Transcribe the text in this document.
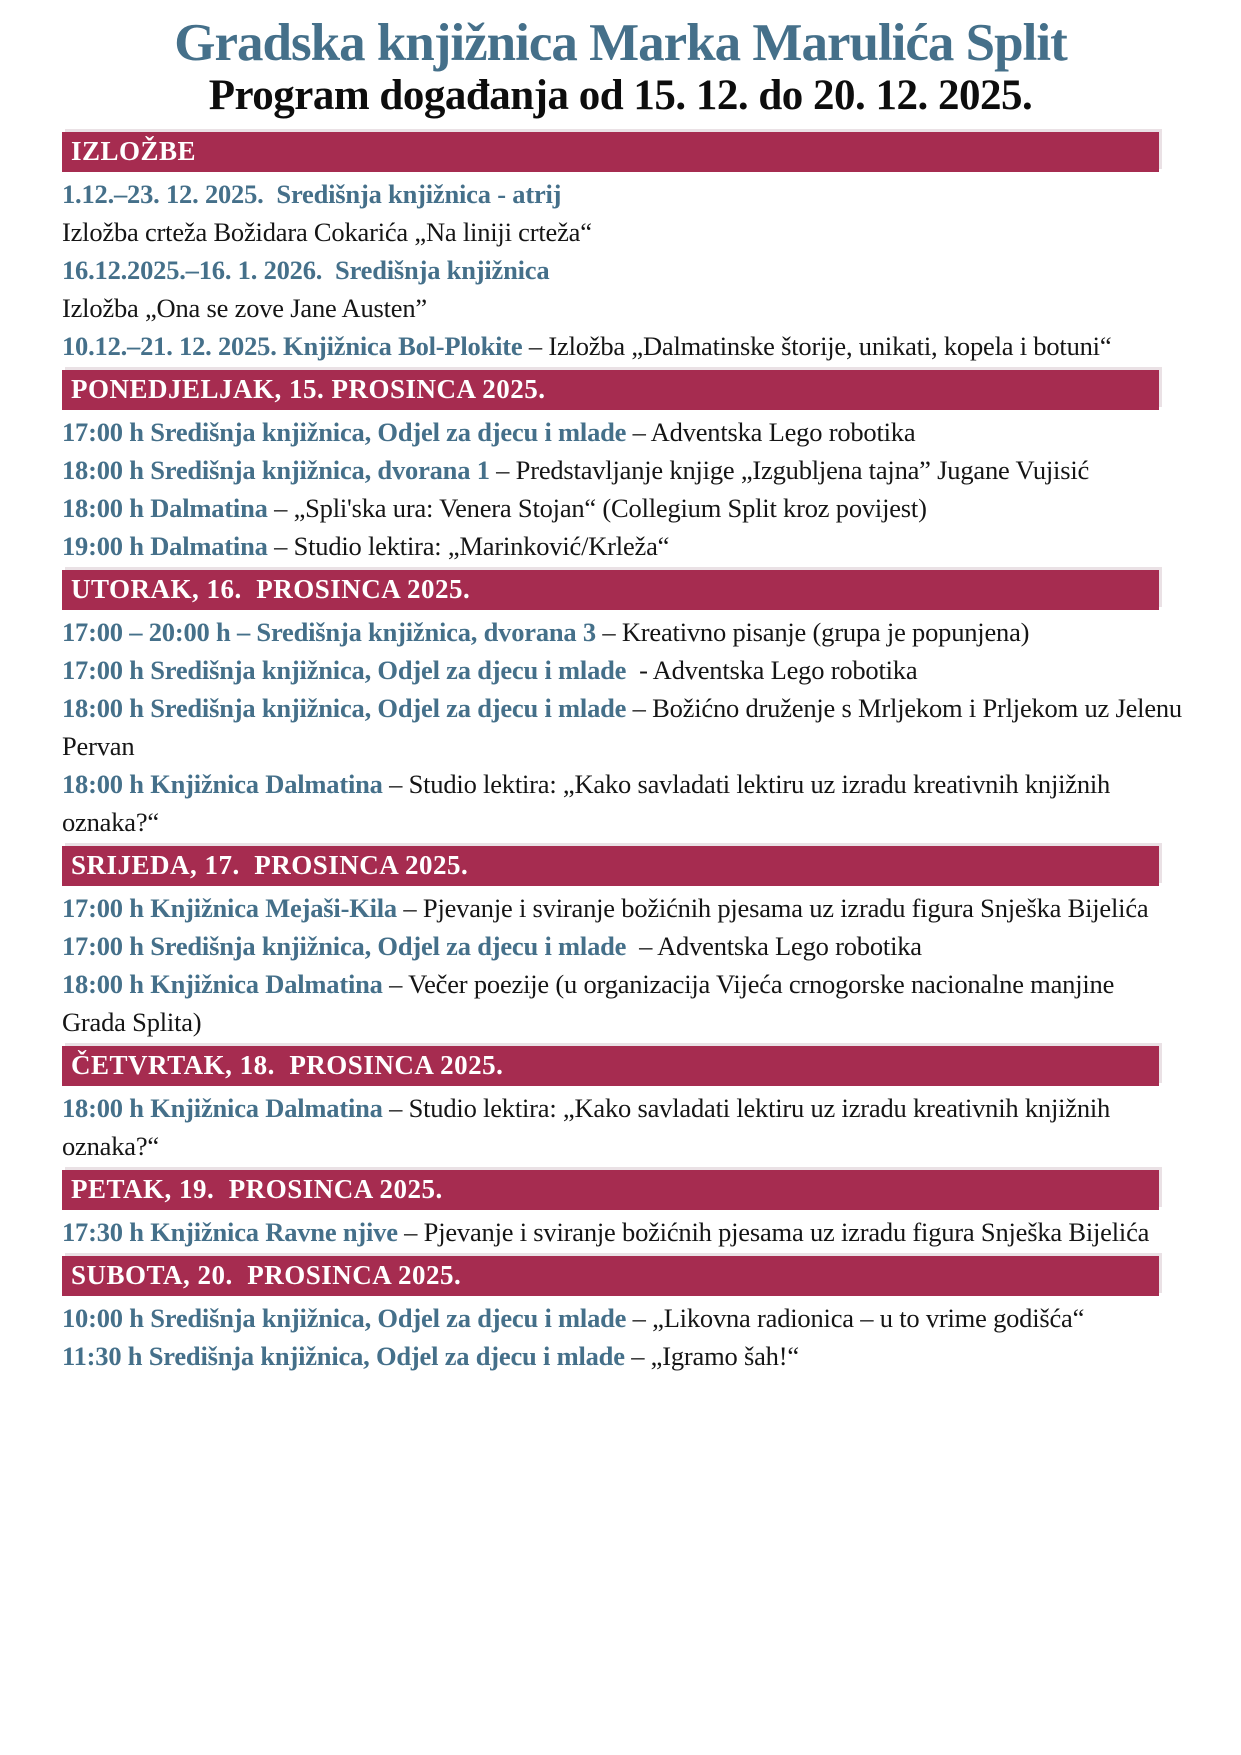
Gradska knjižnica Marka Marulića Split
Program događanja od 15. 12. do 20. 12. 2025.
IZLOŽBE

1.12.–23. 12. 2025.  Središnja knjižnica - atrij

Izložba crteža Božidara Cokarića „Na liniji crteža“

16.12.2025.–16. 1. 2026.  Središnja knjižnica

Izložba „Ona se zove Jane Austen”

10.12.–21. 12. 2025. Knjižnica Bol-Plokite – Izložba „Dalmatinske štorije, unikati, kopela i botuni“

PONEDJELJAK, 15. PROSINCA 2025.

17:00 h Središnja knjižnica, Odjel za djecu i mlade – Adventska Lego robotika

18:00 h Središnja knjižnica, dvorana 1 – Predstavljanje knjige „Izgubljena tajna” Jugane Vujisić

18:00 h Dalmatina – „Spli'ska ura: Venera Stojan“ (Collegium Split kroz povijest)

19:00 h Dalmatina – Studio lektira: „Marinković/Krleža“

UTORAK, 16.  PROSINCA 2025.

17:00 – 20:00 h – Središnja knjižnica, dvorana 3 – Kreativno pisanje (grupa je popunjena)

17:00 h Središnja knjižnica, Odjel za djecu i mlade  - Adventska Lego robotika

18:00 h Središnja knjižnica, Odjel za djecu i mlade – Božićno druženje s Mrljekom i Prljekom uz Jelenu Pervan

18:00 h Knjižnica Dalmatina – Studio lektira: „Kako savladati lektiru uz izradu kreativnih knjižnih oznaka?“

SRIJEDA, 17.  PROSINCA 2025.

17:00 h Knjižnica Mejaši-Kila – Pjevanje i sviranje božićnih pjesama uz izradu figura Snješka Bijelića

17:00 h Središnja knjižnica, Odjel za djecu i mlade  – Adventska Lego robotika

18:00 h Knjižnica Dalmatina – Večer poezije (u organizacija Vijeća crnogorske nacionalne manjine Grada Splita)

ČETVRTAK, 18.  PROSINCA 2025.

18:00 h Knjižnica Dalmatina – Studio lektira: „Kako savladati lektiru uz izradu kreativnih knjižnih oznaka?“

PETAK, 19.  PROSINCA 2025.

17:30 h Knjižnica Ravne njive – Pjevanje i sviranje božićnih pjesama uz izradu figura Snješka Bijelića

SUBOTA, 20.  PROSINCA 2025.

10:00 h Središnja knjižnica, Odjel za djecu i mlade – „Likovna radionica – u to vrime godišća“

11:30 h Središnja knjižnica, Odjel za djecu i mlade – „Igramo šah!“
